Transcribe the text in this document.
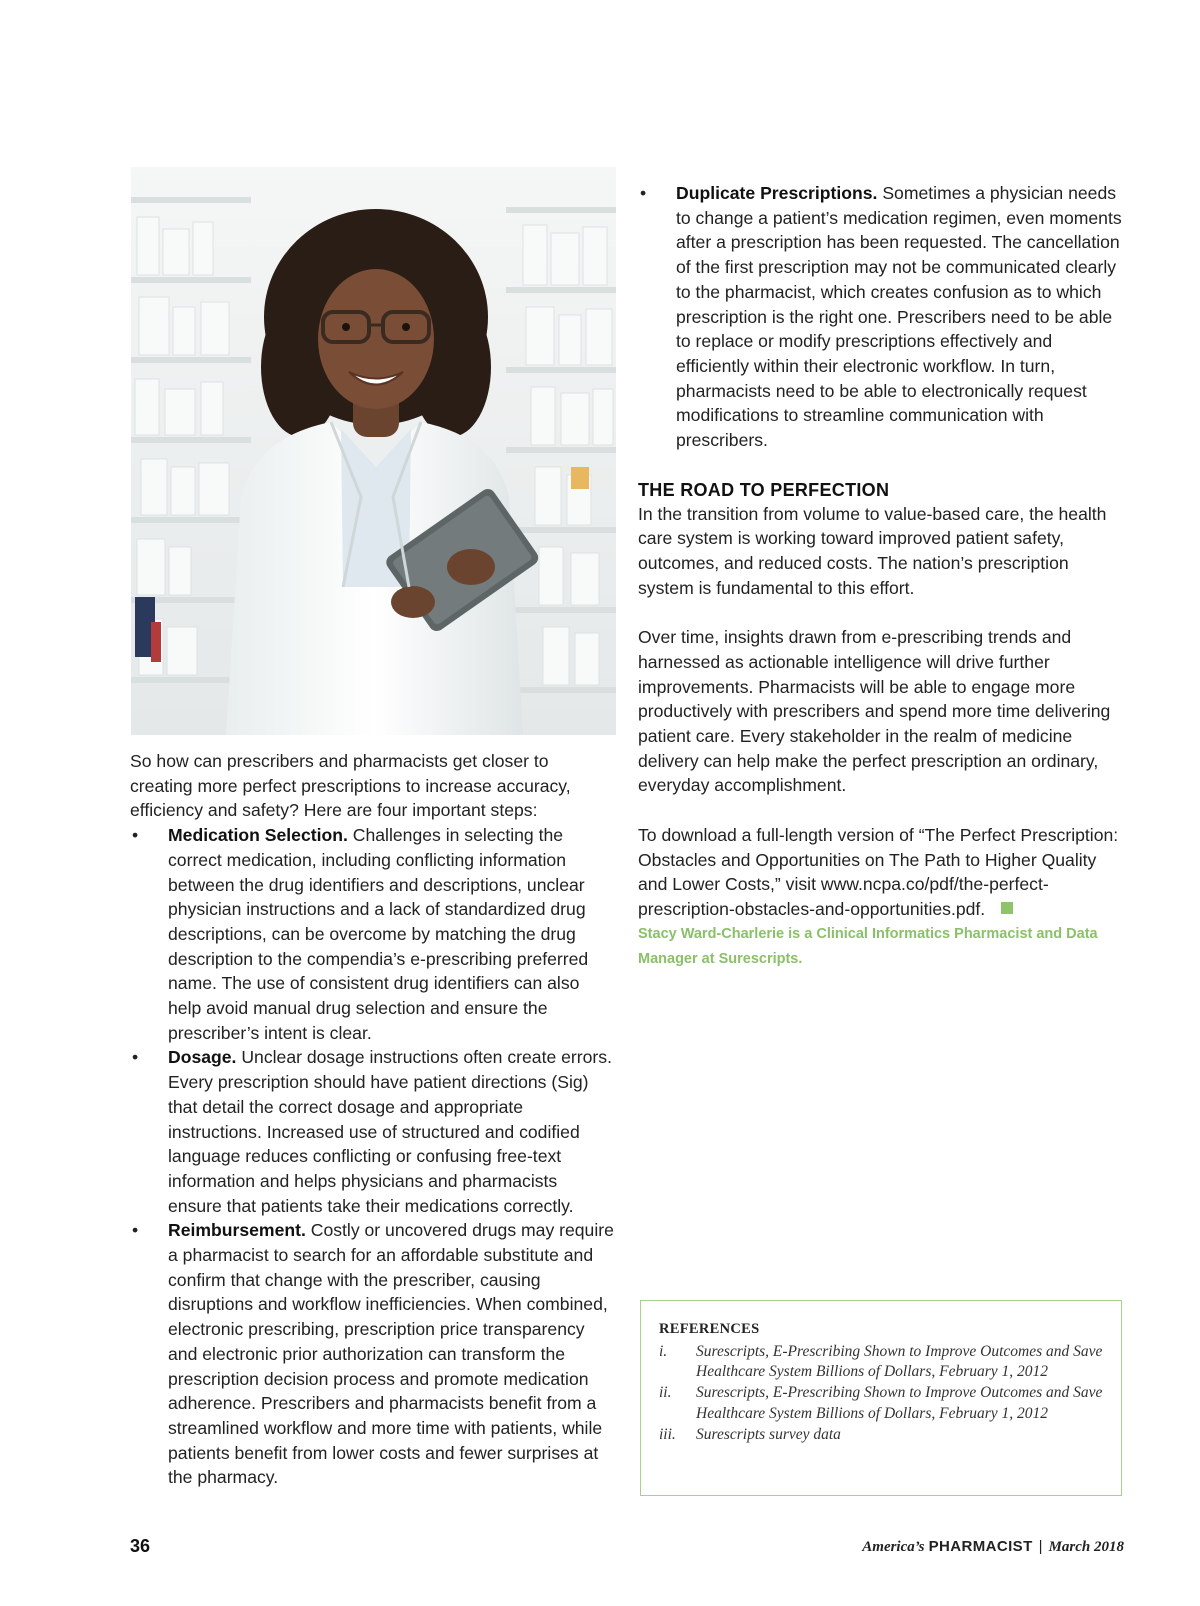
So how can prescribers and pharmacists get closer to creating more perfect prescriptions to increase accuracy, efficiency and safety? Here are four important steps:

• Medication Selection. Challenges in selecting the correct medication, including conflicting information between the drug identifiers and descriptions, unclear physician instructions and a lack of standardized drug descriptions, can be overcome by matching the drug description to the compendia’s e-prescribing preferred name. The use of consistent drug identifiers can also help avoid manual drug selection and ensure the prescriber’s intent is clear.
• Dosage. Unclear dosage instructions often create errors. Every prescription should have patient directions (Sig) that detail the correct dosage and appropriate instructions. Increased use of structured and codified language reduces conflicting or confusing free-text information and helps physicians and pharmacists ensure that patients take their medications correctly.
• Reimbursement. Costly or uncovered drugs may require a pharmacist to search for an affordable substitute and confirm that change with the prescriber, causing disruptions and workflow inefficiencies. When combined, electronic prescribing, prescription price transparency and electronic prior authorization can transform the prescription decision process and promote medication adherence. Prescribers and pharmacists benefit from a streamlined workflow and more time with patients, while patients benefit from lower costs and fewer surprises at the pharmacy.
• Duplicate Prescriptions. Sometimes a physician needs to change a patient’s medication regimen, even moments after a prescription has been requested. The cancellation of the first prescription may not be communicated clearly to the pharmacist, which creates confusion as to which prescription is the right one. Prescribers need to be able to replace or modify prescriptions effectively and efficiently within their electronic workflow. In turn, pharmacists need to be able to electronically request modifications to streamline communication with prescribers.
THE ROAD TO PERFECTION

In the transition from volume to value-based care, the health care system is working toward improved patient safety, outcomes, and reduced costs. The nation’s prescription system is fundamental to this effort.

Over time, insights drawn from e-prescribing trends and harnessed as actionable intelligence will drive further improvements. Pharmacists will be able to engage more productively with prescribers and spend more time delivering patient care. Every stakeholder in the realm of medicine delivery can help make the perfect prescription an ordinary, everyday accomplishment.

To download a full-length version of “The Perfect Prescription: Obstacles and Opportunities on The Path to Higher Quality and Lower Costs,” visit www.ncpa.co/pdf/the-perfect-prescription-obstacles-and-opportunities.pdf.

Stacy Ward-Charlerie is a Clinical Informatics Pharmacist and Data Manager at Surescripts.

REFERENCES
i. Surescripts, E-Prescribing Shown to Improve Outcomes and Save Healthcare System Billions of Dollars, February 1, 2012
ii. Surescripts, E-Prescribing Shown to Improve Outcomes and Save Healthcare System Billions of Dollars, February 1, 2012
iii. Surescripts survey data
36	America’s PHARMACIST | March 2018
